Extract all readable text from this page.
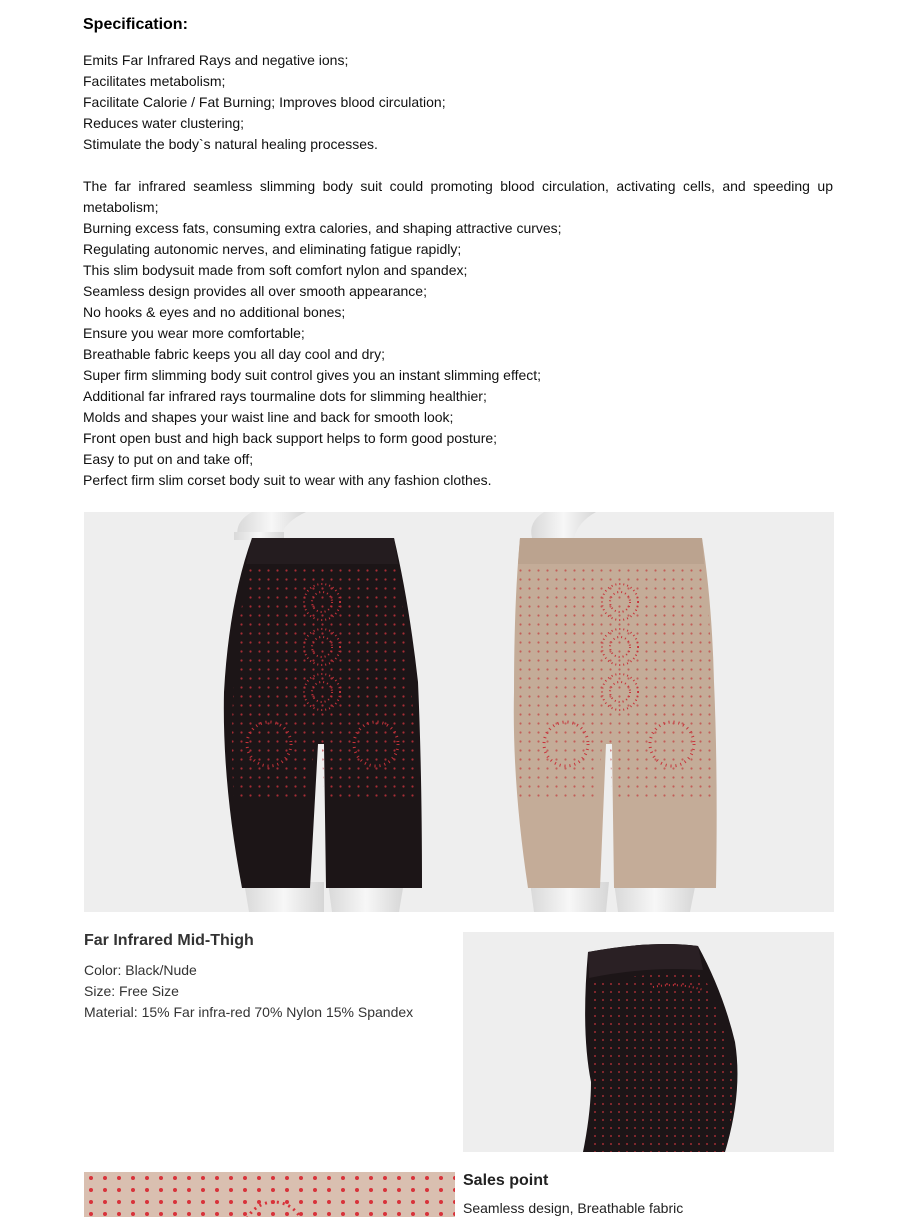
Specification:
Emits Far Infrared Rays and negative ions;
Facilitates metabolism;
Facilitate Calorie / Fat Burning; Improves blood circulation;
Reduces water clustering;
Stimulate the body`s natural healing processes.
The far infrared seamless slimming body suit could promoting blood circulation, activating cells, and speeding up metabolism;
Burning excess fats, consuming extra calories, and shaping attractive curves;
Regulating autonomic nerves, and eliminating fatigue rapidly;
This slim bodysuit made from soft comfort nylon and spandex;
Seamless design provides all over smooth appearance;
No hooks & eyes and no additional bones;
Ensure you wear more comfortable;
Breathable fabric keeps you all day cool and dry;
Super firm slimming body suit control gives you an instant slimming effect;
Additional far infrared rays tourmaline dots for slimming healthier;
Molds and shapes your waist line and back for smooth look;
Front open bust and high back support helps to form good posture;
Easy to put on and take off;
Perfect firm slim corset body suit to wear with any fashion clothes.
Far Infrared Mid-Thigh
Color: Black/Nude
Size: Free Size
Material: 15% Far infra-red 70% Nylon 15% Spandex
Sales point
Seamless design, Breathable fabric
